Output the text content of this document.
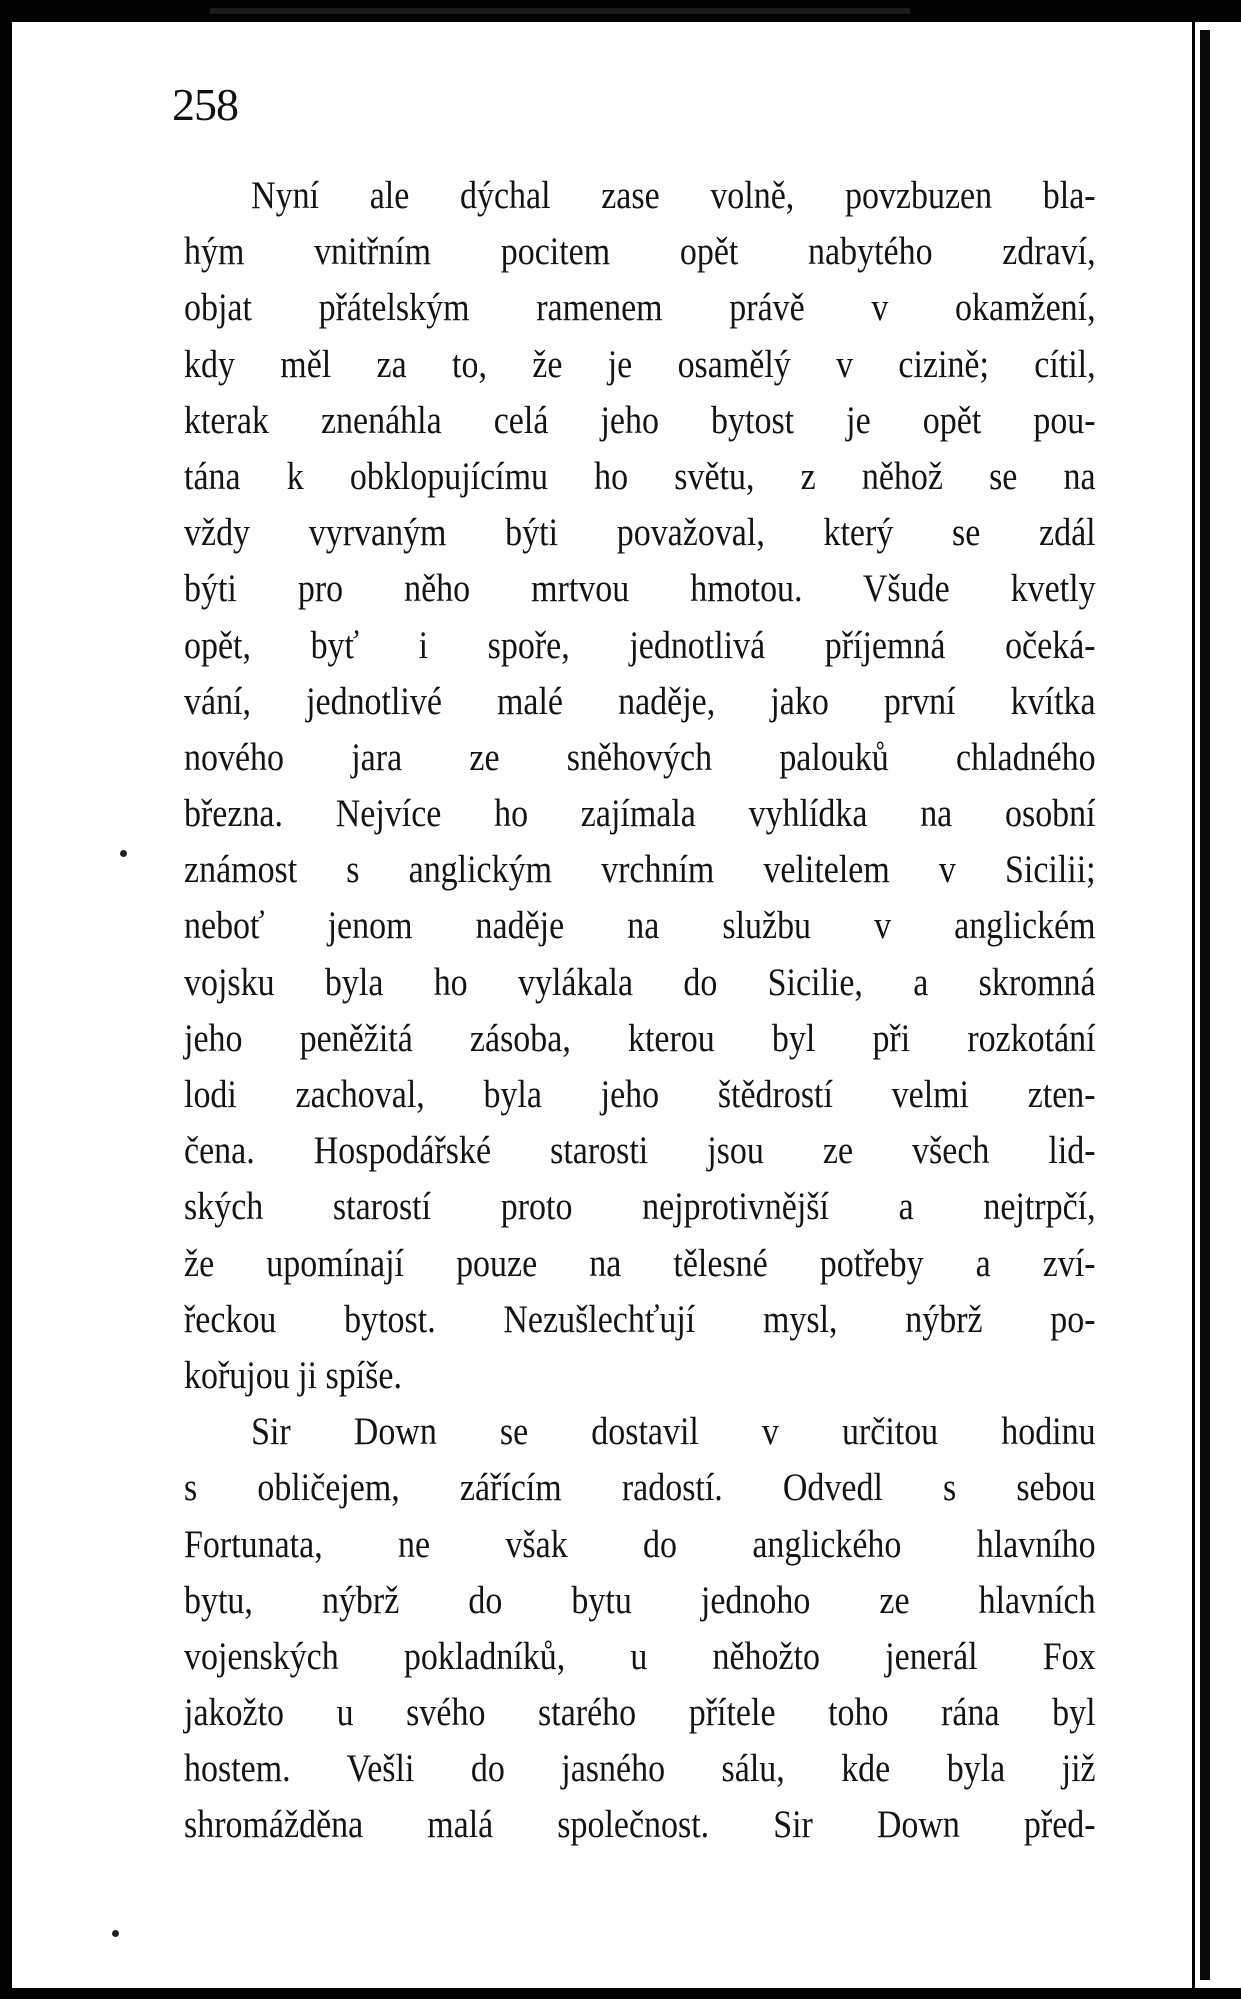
258
Nyní ale dýchal zase volně, povzbuzen bla-
hým vnitřním pocitem opět nabytého zdraví,
objat přátelským ramenem právě v okamžení,
kdy měl za to, že je osamělý v cizině; cítil,
kterak znenáhla celá jeho bytost je opět pou-
tána k obklopujícímu ho světu, z něhož se na
vždy vyrvaným býti považoval, který se zdál
býti pro něho mrtvou hmotou. Všude kvetly
opět, byť i spoře, jednotlivá příjemná očeká-
vání, jednotlivé malé naděje, jako první kvítka
nového jara ze sněhových palouků chladného
března. Nejvíce ho zajímala vyhlídka na osobní
známost s anglickým vrchním velitelem v Sicilii;
neboť jenom naděje na službu v anglickém
vojsku byla ho vylákala do Sicilie, a skromná
jeho peněžitá zásoba, kterou byl při rozkotání
lodi zachoval, byla jeho štědrostí velmi zten-
čena. Hospodářské starosti jsou ze všech lid-
ských starostí proto nejprotivnější a nejtrpčí,
že upomínají pouze na tělesné potřeby a zví-
řeckou bytost. Nezušlechťují mysl, nýbrž po-
kořujou ji spíše.
Sir Down se dostavil v určitou hodinu
s obličejem, zářícím radostí. Odvedl s sebou
Fortunata, ne však do anglického hlavního
bytu, nýbrž do bytu jednoho ze hlavních
vojenských pokladníků, u něhožto jenerál Fox
jakožto u svého starého přítele toho rána byl
hostem. Vešli do jasného sálu, kde byla již
shromážděna malá společnost. Sir Down před-
